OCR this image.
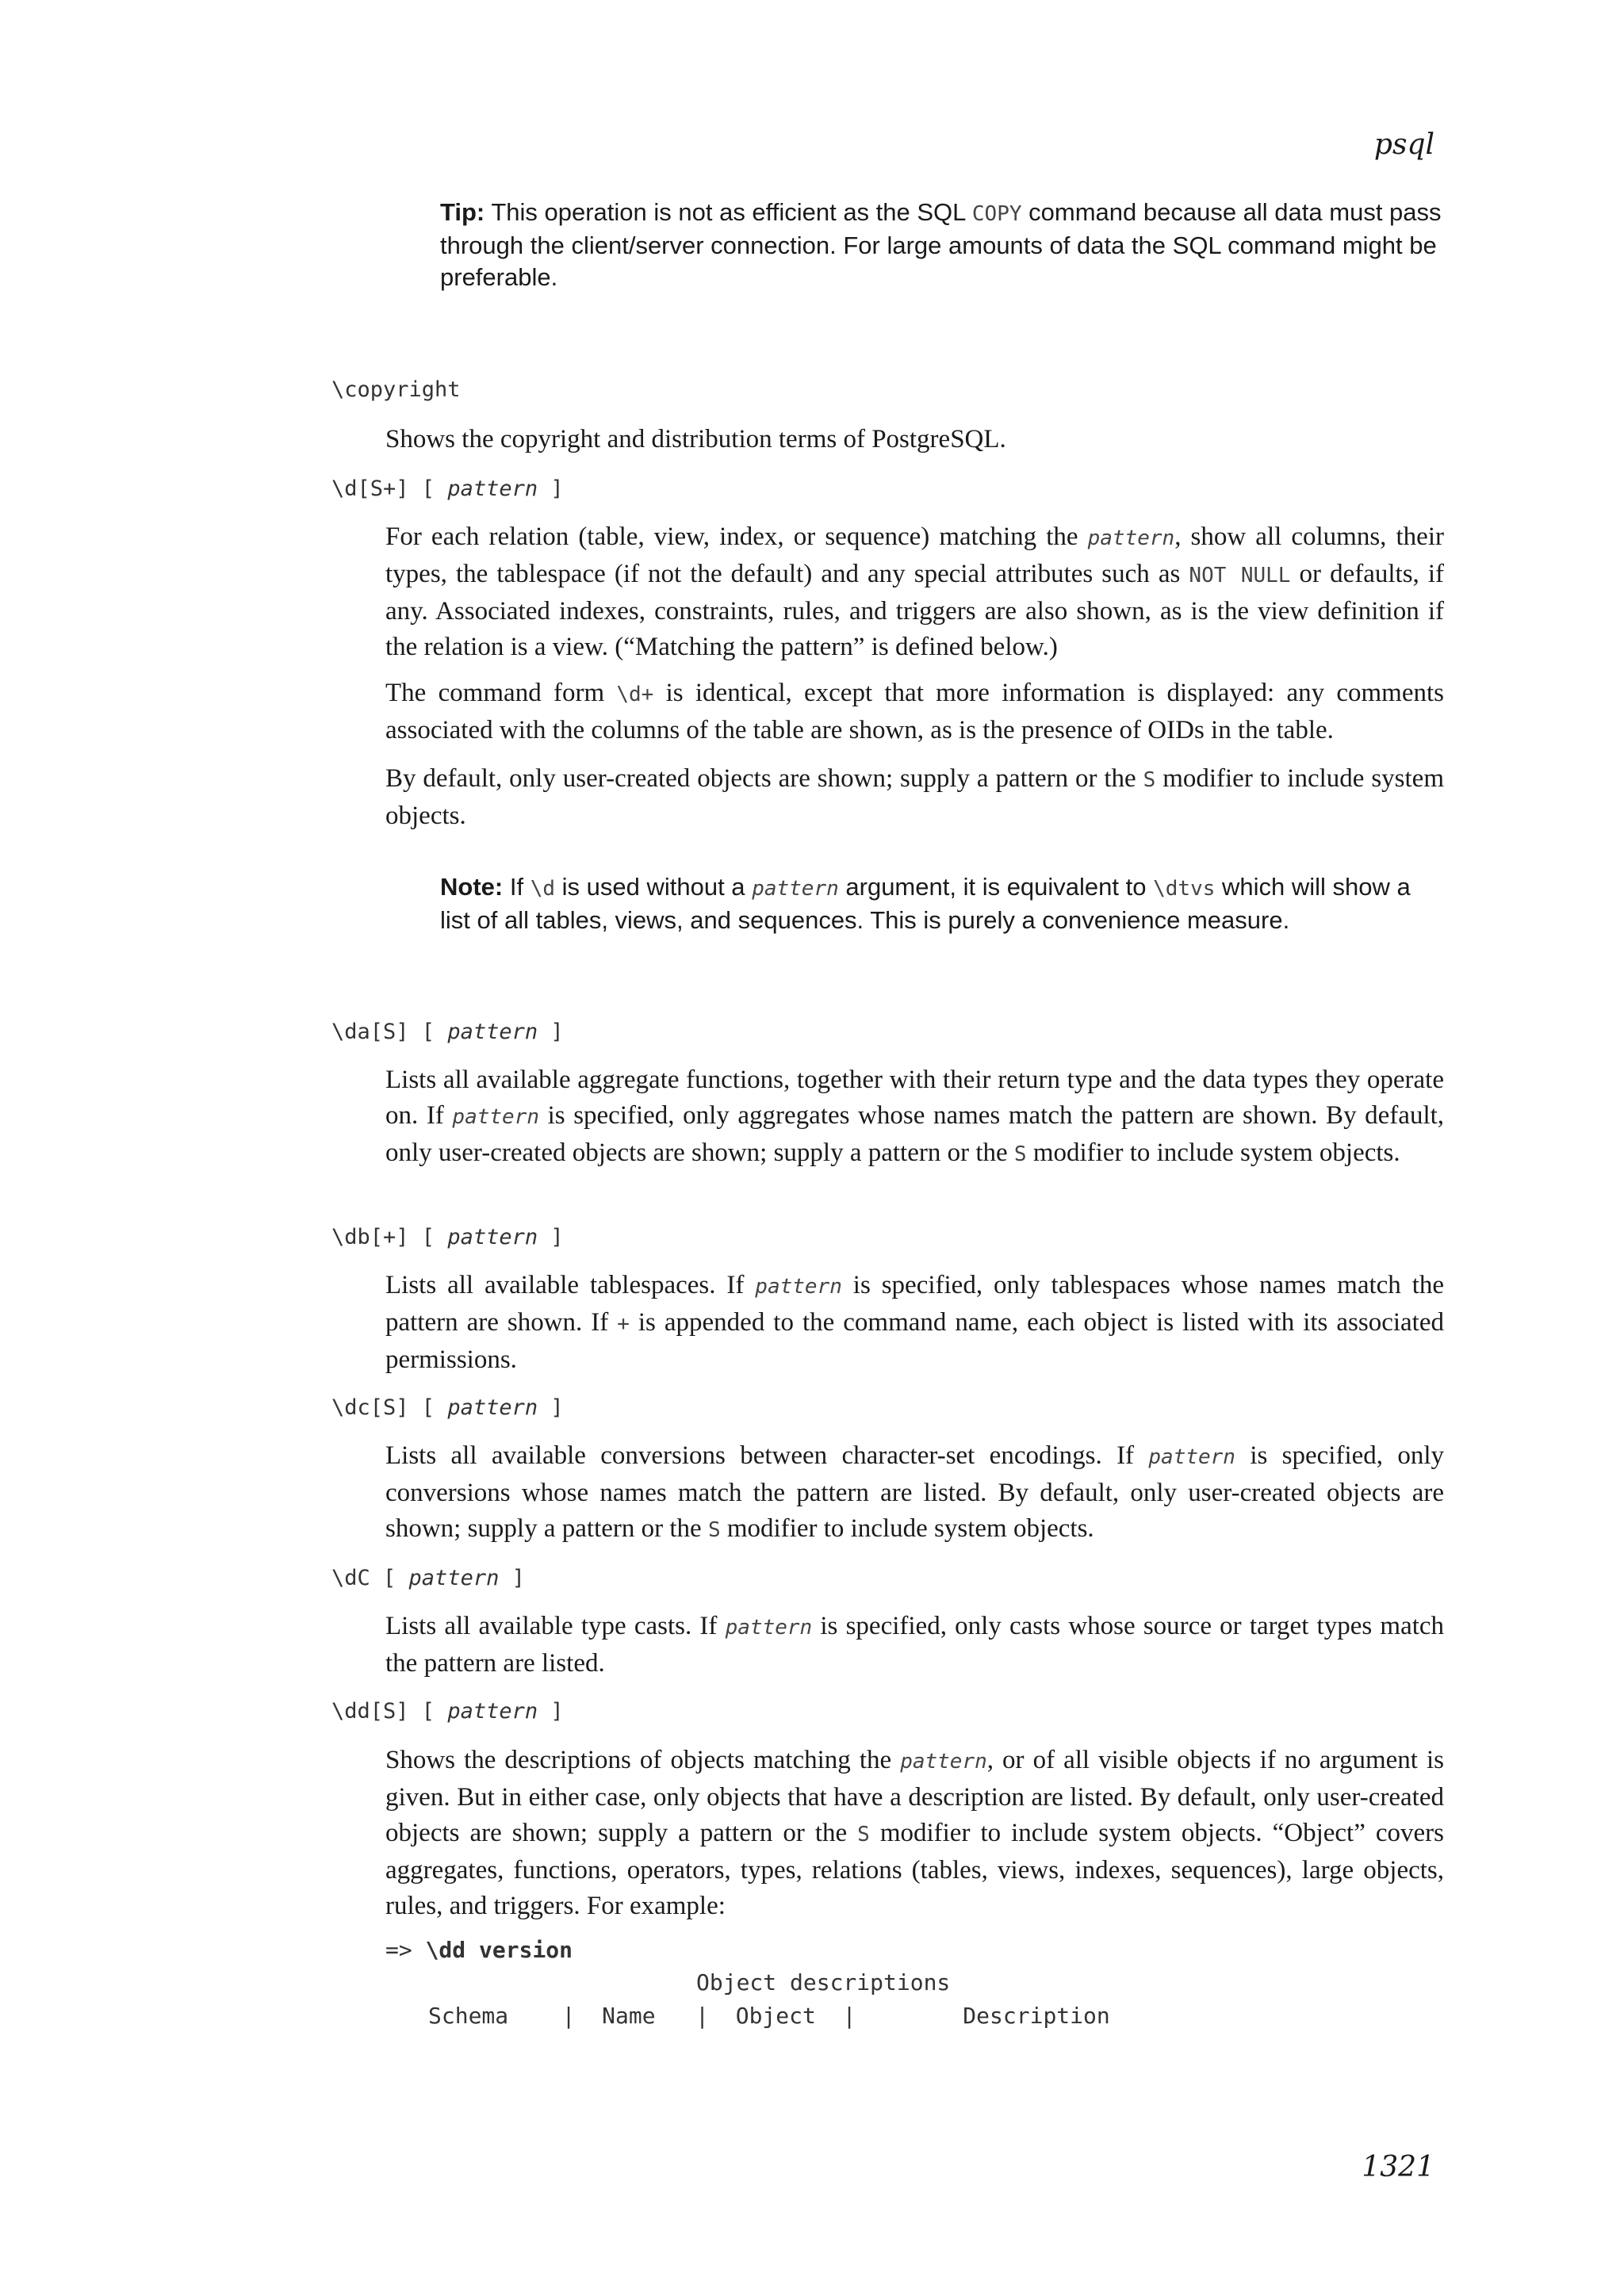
psql
Tip: This operation is not as efficient as the SQL COPY command because all data must pass through the client/server connection. For large amounts of data the SQL command might be preferable.
\copyright
Shows the copyright and distribution terms of PostgreSQL.
\d[S+] [ pattern ]
For each relation (table, view, index, or sequence) matching the pattern, show all columns, their types, the tablespace (if not the default) and any special attributes such as NOT NULL or defaults, if any. Associated indexes, constraints, rules, and triggers are also shown, as is the view definition if the relation is a view. (“Matching the pattern” is defined below.)
The command form \d+ is identical, except that more information is displayed: any comments associated with the columns of the table are shown, as is the presence of OIDs in the table.
By default, only user-created objects are shown; supply a pattern or the S modifier to include system objects.
Note: If \d is used without a pattern argument, it is equivalent to \dtvs which will show a list of all tables, views, and sequences. This is purely a convenience measure.
\da[S] [ pattern ]
Lists all available aggregate functions, together with their return type and the data types they operate on. If pattern is specified, only aggregates whose names match the pattern are shown. By default, only user-created objects are shown; supply a pattern or the S modifier to include system objects.
\db[+] [ pattern ]
Lists all available tablespaces. If pattern is specified, only tablespaces whose names match the pattern are shown. If + is appended to the command name, each object is listed with its associated permissions.
\dc[S] [ pattern ]
Lists all available conversions between character-set encodings. If pattern is specified, only conversions whose names match the pattern are listed. By default, only user-created objects are shown; supply a pattern or the S modifier to include system objects.
\dC [ pattern ]
Lists all available type casts. If pattern is specified, only casts whose source or target types match the pattern are listed.
\dd[S] [ pattern ]
Shows the descriptions of objects matching the pattern, or of all visible objects if no argument is given. But in either case, only objects that have a description are listed. By default, only user-created objects are shown; supply a pattern or the S modifier to include system objects. “Object” covers aggregates, functions, operators, types, relations (tables, views, indexes, sequences), large objects, rules, and triggers. For example:
=> \dd version
Object descriptions
Schema    |  Name   |  Object  |        Description
1321
